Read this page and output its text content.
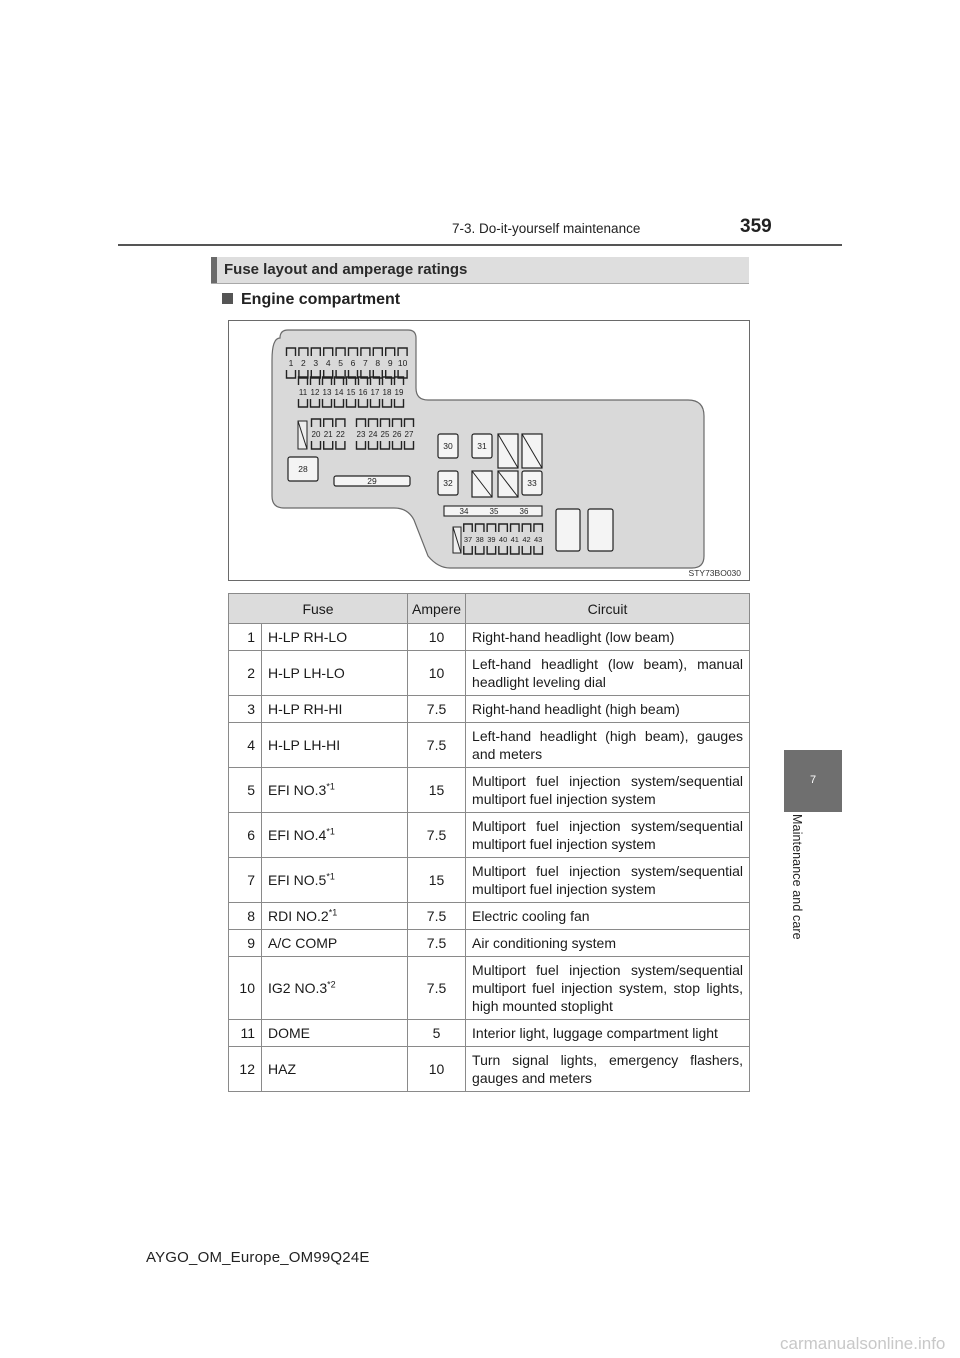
7-3. Do-it-yourself maintenance	359
7
Maintenance and care
Fuse layout and amperage ratings
Engine compartment
1 2 3 4 5 6 7 8 9 10
11 12 13 14 15 16 17 18 19
20 21 22 23 24 25 26 27
28
29
30	31
32	33
34	35	36
37 38 39 40 41 42 43
STY73BO030
Fuse		Ampere	Circuit
1	H-LP RH-LO	10	Right-hand headlight (low beam)
2	H-LP LH-LO	10	Left-hand headlight (low beam), manual headlight leveling dial
3	H-LP RH-HI	7.5	Right-hand headlight (high beam)
4	H-LP LH-HI	7.5	Left-hand headlight (high beam), gauges and meters
5	EFI NO.3$^{*1}$	15	Multiport fuel injection system/sequential multiport fuel injection system
6	EFI NO.4$^{*1}$	7.5	Multiport fuel injection system/sequential multiport fuel injection system
7	EFI NO.5$^{*1}$	15	Multiport fuel injection system/sequential multiport fuel injection system
8	RDI NO.2$^{*1}$	7.5	Electric cooling fan
9	A/C COMP	7.5	Air conditioning system
10	IG2 NO.3$^{*2}$	7.5	Multiport fuel injection system/sequential multiport fuel injection system, stop lights, high mounted stoplight
11	DOME	5	Interior light, luggage compartment light
12	HAZ	10	Turn signal lights, emergency flashers, gauges and meters
AYGO_OM_Europe_OM99Q24E
carmanualsonline.info
